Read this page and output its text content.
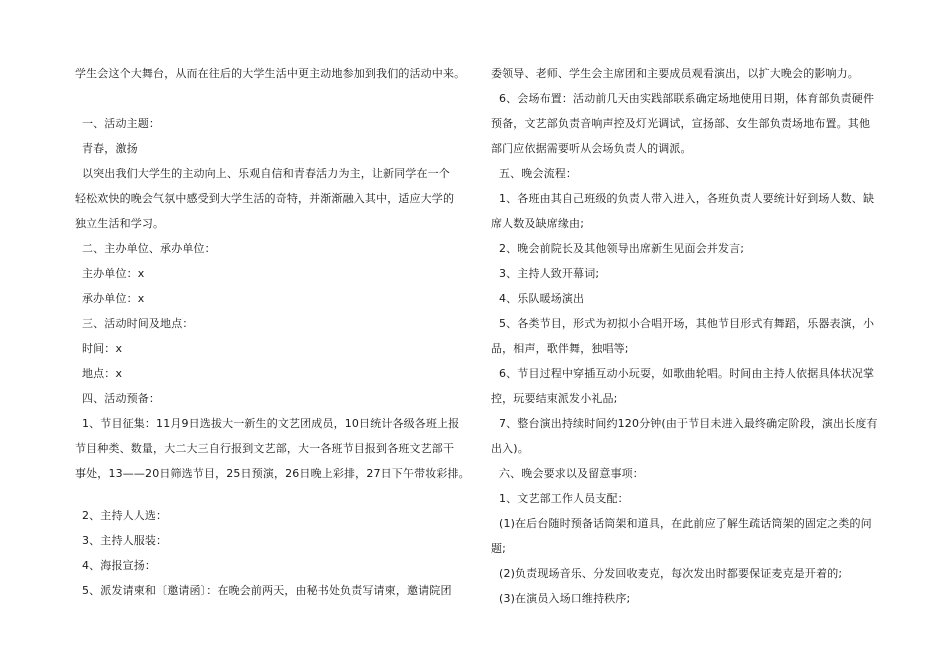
学生会这个大舞台，从而在往后的大学生活中更主动地参加到我们的活动中来。
一、活动主题：
青春，激扬
以突出我们大学生的主动向上、乐观自信和青春活力为主，让新同学在一个
轻松欢快的晚会气氛中感受到大学生活的奇特，并渐渐融入其中，适应大学的
独立生活和学习。
二、主办单位、承办单位：
主办单位：x
承办单位：x
三、活动时间及地点：
时间：x
地点：x
四、活动预备：
1、节目征集：11月9日选拔大一新生的文艺团成员，10日统计各级各班上报
节目种类、数量，大二大三自行报到文艺部，大一各班节目报到各班文艺部干
事处，13——20日筛选节目，25日预演，26日晚上彩排，27日下午带妆彩排。
2、主持人人选：
3、主持人服装：
4、海报宣扬：
5、派发请柬和〔邀请函〕：在晚会前两天，由秘书处负责写请柬，邀请院团
委领导、老师、学生会主席团和主要成员观看演出，以扩大晚会的影响力。
6、会场布置：活动前几天由实践部联系确定场地使用日期，体育部负责硬件
预备，文艺部负责音响声控及灯光调试，宣扬部、女生部负责场地布置。其他
部门应依据需要听从会场负责人的调派。
五、晚会流程：
1、各班由其自己班级的负责人带入进入，各班负责人要统计好到场人数、缺
席人数及缺席缘由;
2、晚会前院长及其他领导出席新生见面会并发言;
3、主持人致开幕词;
4、乐队暖场演出
5、各类节目，形式为初拟小合唱开场，其他节目形式有舞蹈，乐器表演，小
品，相声，歌伴舞，独唱等;
6、节目过程中穿插互动小玩耍，如歌曲轮唱。时间由主持人依据具体状况掌
控，玩要结束派发小礼品;
7、整台演出持续时间约120分钟(由于节目未进入最终确定阶段，演出长度有
出入)。
六、晚会要求以及留意事项：
1、文艺部工作人员支配：
(1)在后台随时预备话筒架和道具，在此前应了解生疏话筒架的固定之类的问
题;
(2)负责现场音乐、分发回收麦克，每次发出时都要保证麦克是开着的;
(3)在演员入场口维持秩序;
